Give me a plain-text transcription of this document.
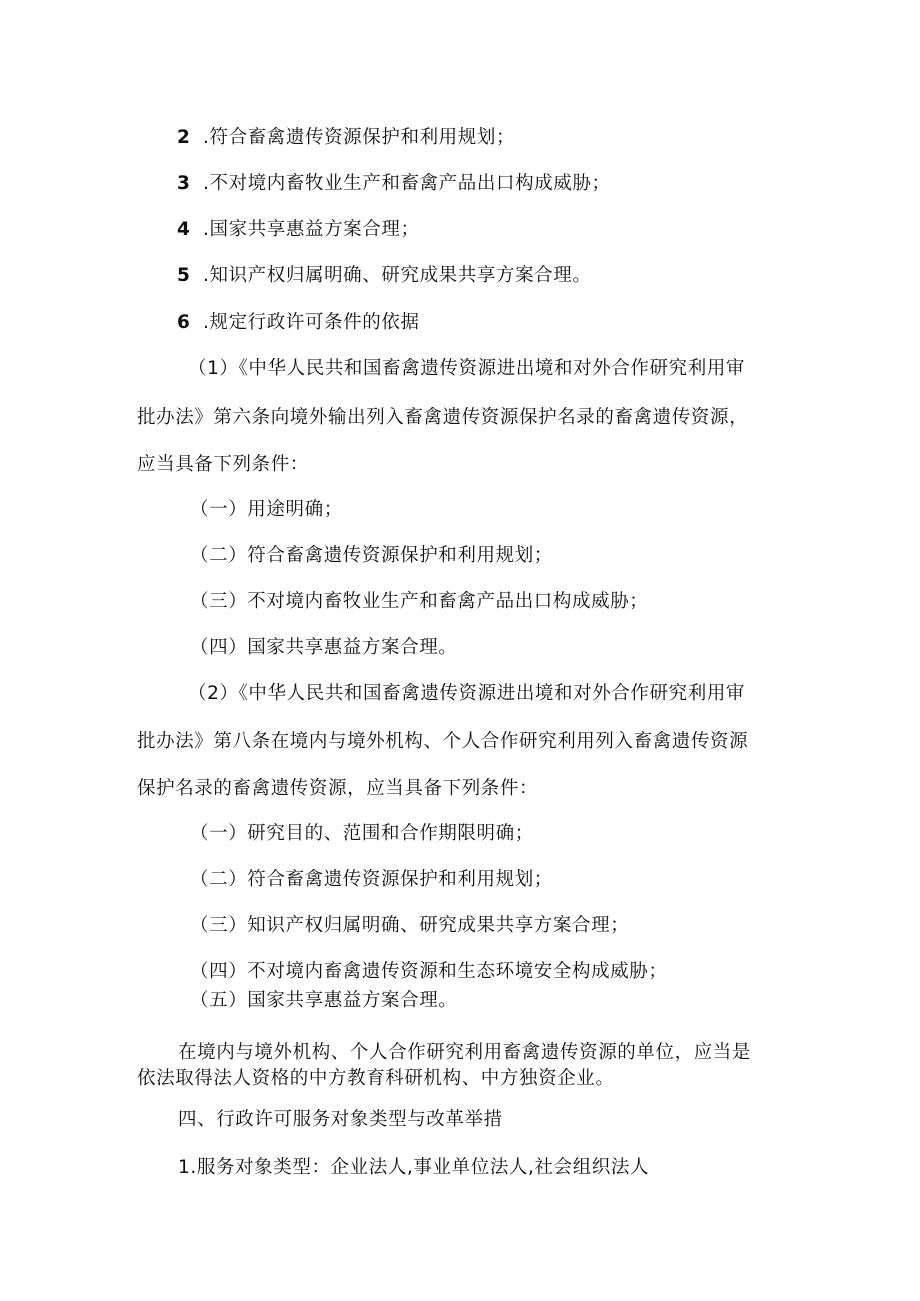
2 .符合畜禽遗传资源保护和利用规划；
3 .不对境内畜牧业生产和畜禽产品出口构成威胁；
4 .国家共享惠益方案合理；
5 .知识产权归属明确、研究成果共享方案合理。
6 .规定行政许可条件的依据
（1）《中华人民共和国畜禽遗传资源进出境和对外合作研究利用审
批办法》第六条向境外输出列入畜禽遗传资源保护名录的畜禽遗传资源，
应当具备下列条件：
（一）用途明确；
（二）符合畜禽遗传资源保护和利用规划；
（三）不对境内畜牧业生产和畜禽产品出口构成威胁；
（四）国家共享惠益方案合理。
（2）《中华人民共和国畜禽遗传资源进出境和对外合作研究利用审
批办法》第八条在境内与境外机构、个人合作研究利用列入畜禽遗传资源
保护名录的畜禽遗传资源，应当具备下列条件：
（一）研究目的、范围和合作期限明确；
（二）符合畜禽遗传资源保护和利用规划；
（三）知识产权归属明确、研究成果共享方案合理；
（四）不对境内畜禽遗传资源和生态环境安全构成威胁；
（五）国家共享惠益方案合理。
在境内与境外机构、个人合作研究利用畜禽遗传资源的单位，应当是
依法取得法人资格的中方教育科研机构、中方独资企业。
四、行政许可服务对象类型与改革举措
1.服务对象类型：企业法人,事业单位法人,社会组织法人
